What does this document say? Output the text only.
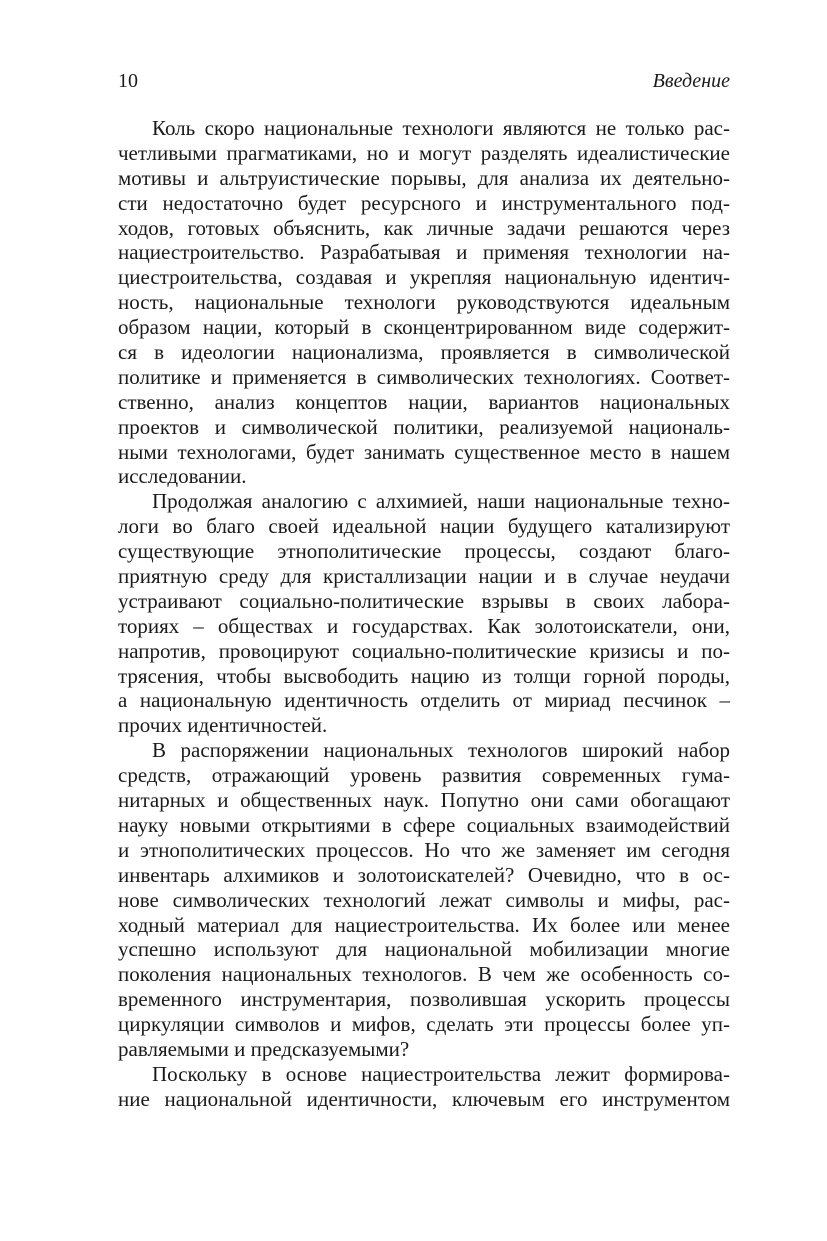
10	Введение
Коль скоро национальные технологи являются не только рас-
четливыми прагматиками, но и могут разделять идеалистические
мотивы и альтруистические порывы, для анализа их деятельно-
сти недостаточно будет ресурсного и инструментального под-
ходов, готовых объяснить, как личные задачи решаются через
нациестроительство. Разрабатывая и применяя технологии на-
циестроительства, создавая и укрепляя национальную идентич-
ность, национальные технологи руководствуются идеальным
образом нации, который в сконцентрированном виде содержит-
ся в идеологии национализма, проявляется в символической
политике и применяется в символических технологиях. Соответ-
ственно, анализ концептов нации, вариантов национальных
проектов и символической политики, реализуемой националь-
ными технологами, будет занимать существенное место в нашем
исследовании.
Продолжая аналогию с алхимией, наши национальные техно-
логи во благо своей идеальной нации будущего катализируют
существующие этнополитические процессы, создают благо-
приятную среду для кристаллизации нации и в случае неудачи
устраивают социально-политические взрывы в своих лабора-
ториях – обществах и государствах. Как золотоискатели, они,
напротив, провоцируют социально-политические кризисы и по-
трясения, чтобы высвободить нацию из толщи горной породы,
а национальную идентичность отделить от мириад песчинок –
прочих идентичностей.
В распоряжении национальных технологов широкий набор
средств, отражающий уровень развития современных гума-
нитарных и общественных наук. Попутно они сами обогащают
науку новыми открытиями в сфере социальных взаимодействий
и этнополитических процессов. Но что же заменяет им сегодня
инвентарь алхимиков и золотоискателей? Очевидно, что в ос-
нове символических технологий лежат символы и мифы, рас-
ходный материал для нациестроительства. Их более или менее
успешно используют для национальной мобилизации многие
поколения национальных технологов. В чем же особенность со-
временного инструментария, позволившая ускорить процессы
циркуляции символов и мифов, сделать эти процессы более уп-
равляемыми и предсказуемыми?
Поскольку в основе нациестроительства лежит формирова-
ние национальной идентичности, ключевым его инструментом
